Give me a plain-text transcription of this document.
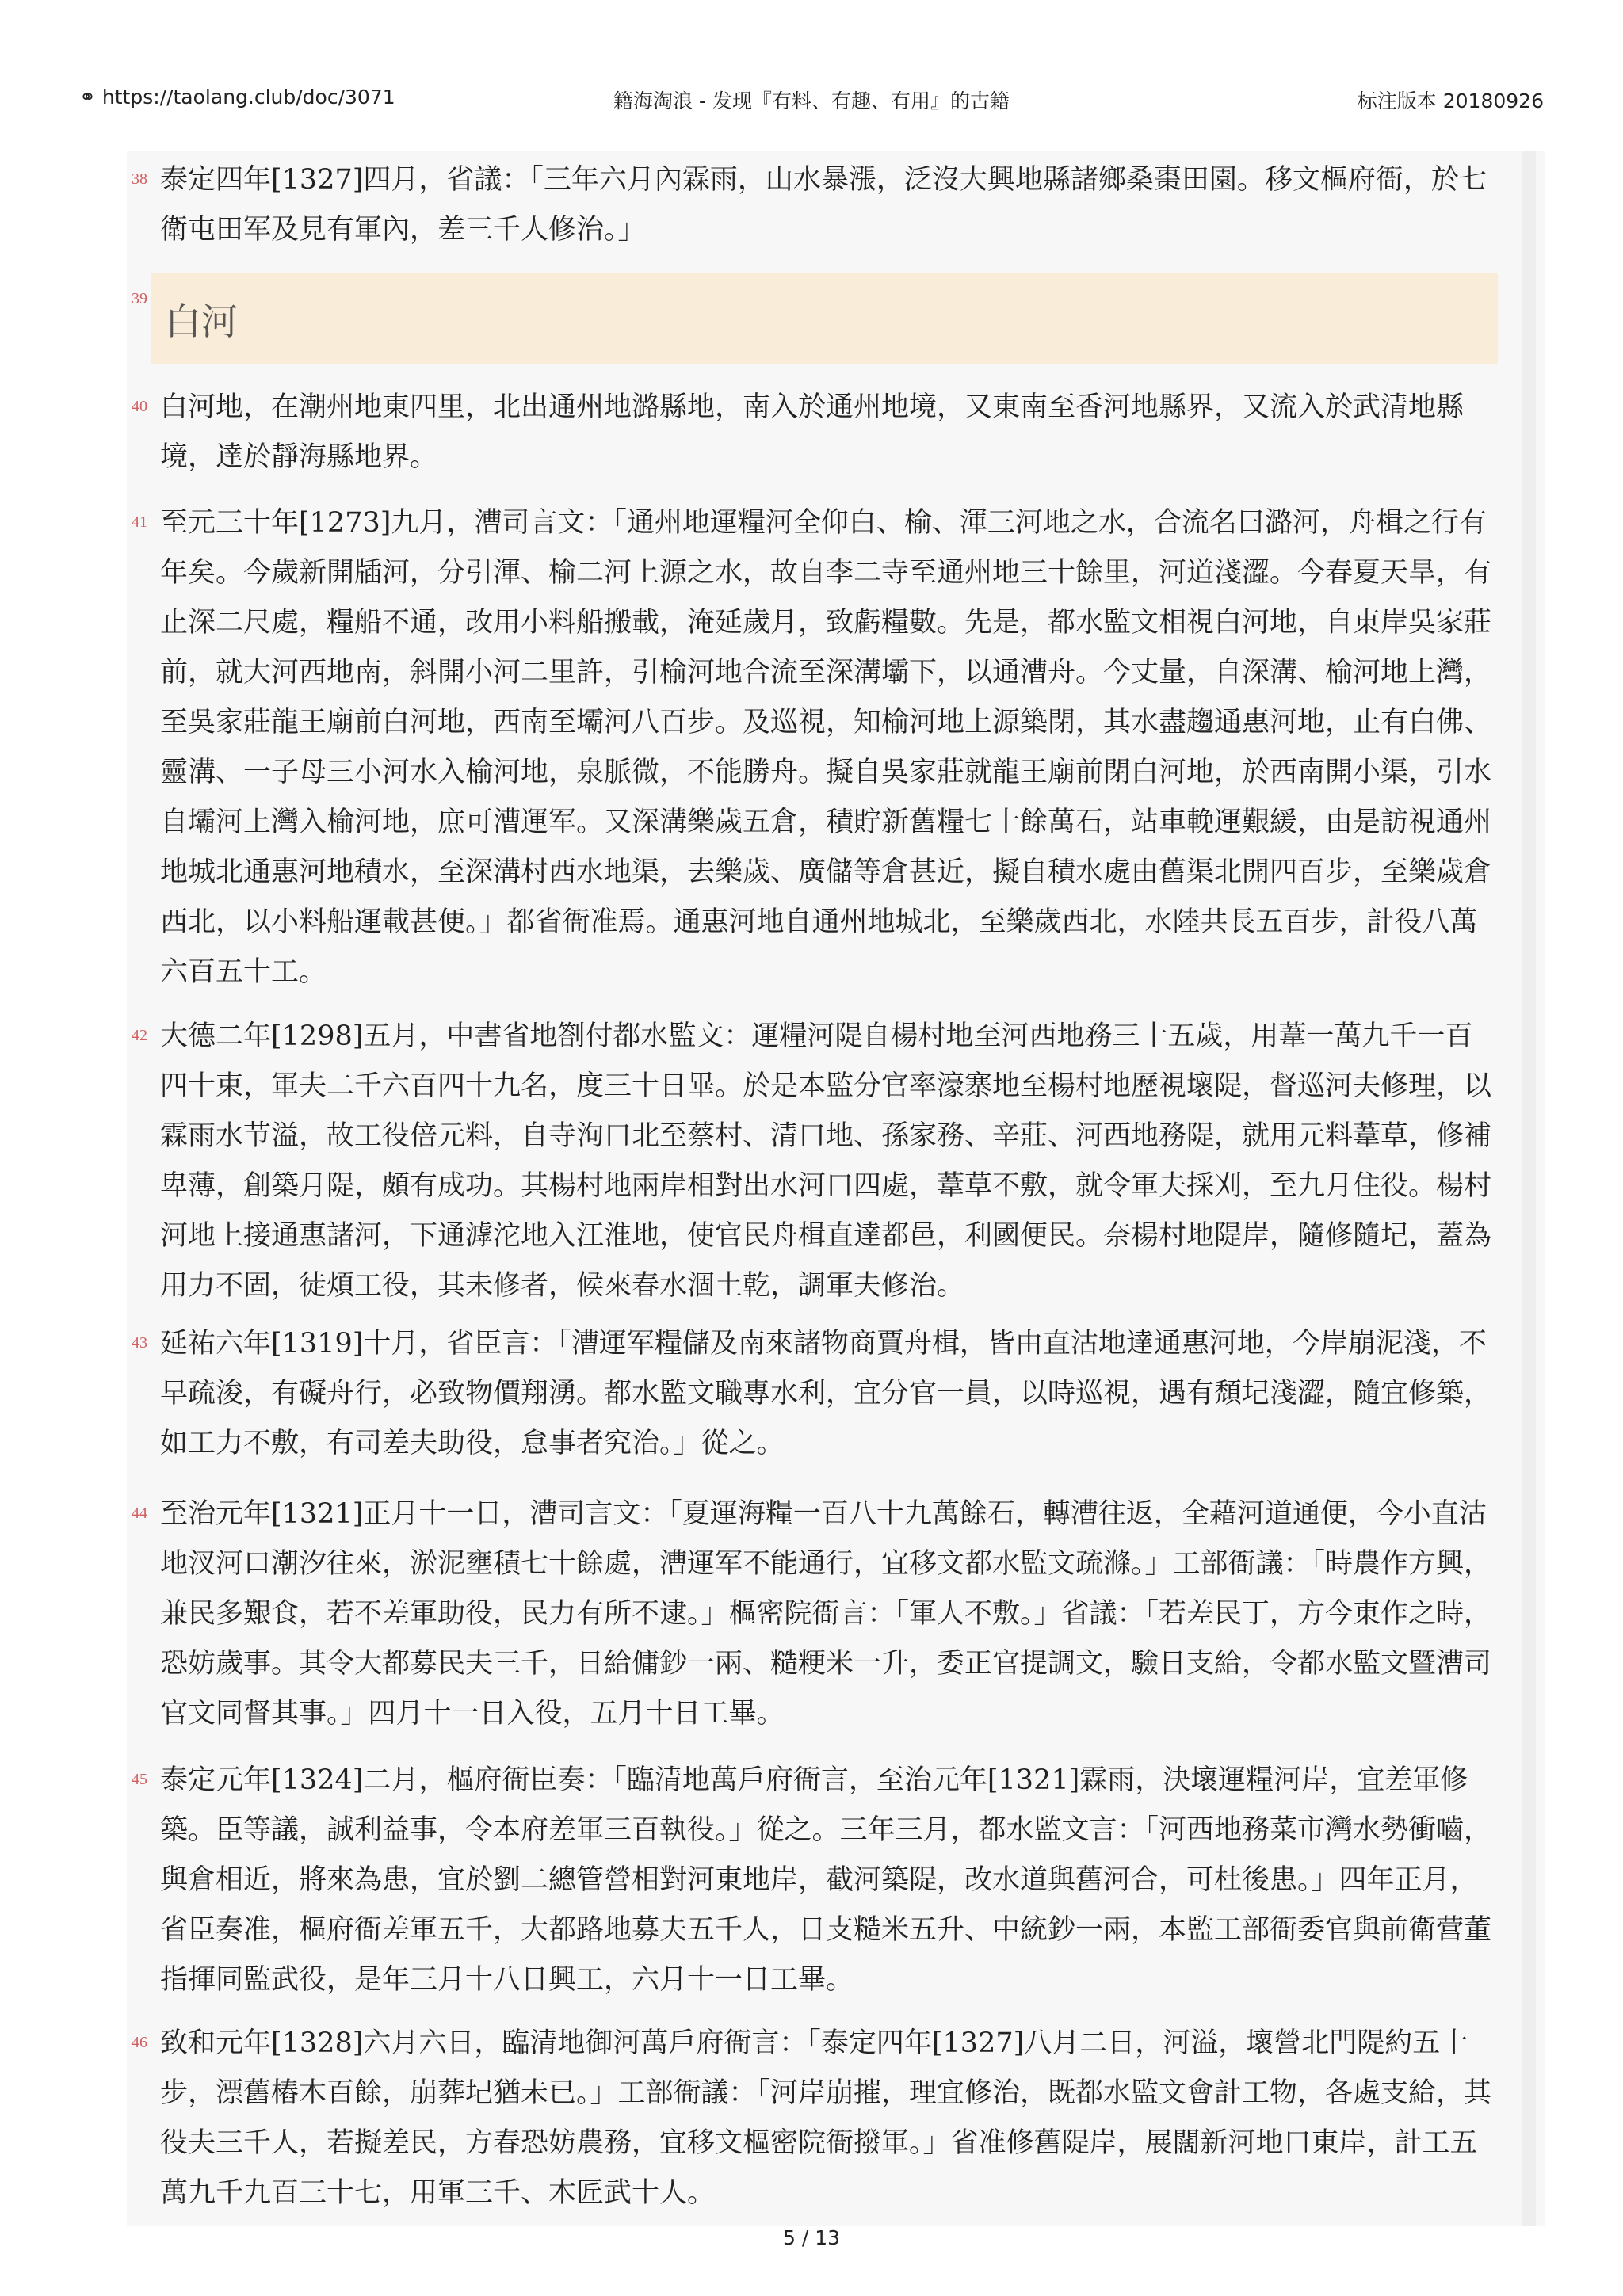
⚭ https://taolang.club/doc/3071	籍海淘浪 - 发现『有料、有趣、有用』的古籍	标注版本 20180926
38 泰定四年[1327]四月，省議：「三年六月內霖雨，山水暴漲，泛沒大興地縣諸鄉桑棗田園。移文樞府衙，於七衛屯田军及見有軍內，差三千人修治。」
白河
39
40 白河地，在潮州地東四里，北出通州地潞縣地，南入於通州地境，又東南至香河地縣界，又流入於武清地縣境，達於靜海縣地界。
41 至元三十年[1273]九月，漕司言文：「通州地運糧河全仰白、榆、渾三河地之水，合流名曰潞河，舟楫之行有年矣。今歲新開牐河，分引渾、榆二河上源之水，故自李二寺至通州地三十餘里，河道淺澀。今春夏天旱，有止深二尺處，糧船不通，改用小料船搬載，淹延歲月，致虧糧數。先是，都水監文相視白河地，自東岸吳家莊前，就大河西地南，斜開小河二里許，引榆河地合流至深溝壩下，以通漕舟。今丈量，自深溝、榆河地上灣，至吳家莊龍王廟前白河地，西南至壩河八百步。及巡視，知榆河地上源築閉，其水盡趨通惠河地，止有白佛、靈溝、一子母三小河水入榆河地，泉脈微，不能勝舟。擬自吳家莊就龍王廟前閉白河地，於西南開小渠，引水自壩河上灣入榆河地，庶可漕運军。又深溝樂歲五倉，積貯新舊糧七十餘萬石，站車輓運艱緩，由是訪視通州地城北通惠河地積水，至深溝村西水地渠，去樂歲、廣儲等倉甚近，擬自積水處由舊渠北開四百步，至樂歲倉西北，以小料船運載甚便。」都省衙准焉。通惠河地自通州地城北，至樂歲西北，水陸共長五百步，計役八萬六百五十工。
42 大德二年[1298]五月，中書省地劄付都水監文：運糧河隄自楊村地至河西地務三十五歲，用葦一萬九千一百四十束，軍夫二千六百四十九名，度三十日畢。於是本監分官率濠寨地至楊村地歷視壞隄，督巡河夫修理，以霖雨水节溢，故工役倍元料，自寺洵口北至蔡村、清口地、孫家務、辛莊、河西地務隄，就用元料葦草，修補卑薄，創築月隄，頗有成功。其楊村地兩岸相對出水河口四處，葦草不敷，就令軍夫採刈，至九月住役。楊村河地上接通惠諸河，下通滹沱地入江淮地，使官民舟楫直達都邑，利國便民。奈楊村地隄岸，隨修隨圮，蓋為用力不固，徒煩工役，其未修者，候來春水涸土乾，調軍夫修治。
43 延祐六年[1319]十月，省臣言：「漕運军糧儲及南來諸物商賈舟楫，皆由直沽地達通惠河地，今岸崩泥淺，不早疏浚，有礙舟行，必致物價翔湧。都水監文職專水利，宜分官一員，以時巡視，遇有頹圮淺澀，隨宜修築，如工力不敷，有司差夫助役，怠事者究治。」從之。
44 至治元年[1321]正月十一日，漕司言文：「夏運海糧一百八十九萬餘石，轉漕往返，全藉河道通便，今小直沽地汊河口潮汐往來，淤泥壅積七十餘處，漕運军不能通行，宜移文都水監文疏滌。」工部衙議：「時農作方興，兼民多艱食，若不差軍助役，民力有所不逮。」樞密院衙言：「軍人不敷。」省議：「若差民丁，方今東作之時，恐妨歲事。其令大都募民夫三千，日給傭鈔一兩、糙粳米一升，委正官提調文，驗日支給，令都水監文暨漕司官文同督其事。」四月十一日入役，五月十日工畢。
45 泰定元年[1324]二月，樞府衙臣奏：「臨清地萬戶府衙言，至治元年[1321]霖雨，決壞運糧河岸，宜差軍修築。臣等議，誠利益事，令本府差軍三百執役。」從之。三年三月，都水監文言：「河西地務菜市灣水勢衝嚙，與倉相近，將來為患，宜於劉二總管營相對河東地岸，截河築隄，改水道與舊河合，可杜後患。」四年正月，省臣奏准，樞府衙差軍五千，大都路地募夫五千人，日支糙米五升、中統鈔一兩，本監工部衙委官與前衛营董指揮同監武役，是年三月十八日興工，六月十一日工畢。
46 致和元年[1328]六月六日，臨清地御河萬戶府衙言：「泰定四年[1327]八月二日，河溢，壞營北門隄約五十步，漂舊樁木百餘，崩葬圮猶未已。」工部衙議：「河岸崩摧，理宜修治，既都水監文會計工物，各處支給，其役夫三千人，若擬差民，方春恐妨農務，宜移文樞密院衙撥軍。」省准修舊隄岸，展闊新河地口東岸，計工五萬九千九百三十七，用軍三千、木匠武十人。
5 / 13
